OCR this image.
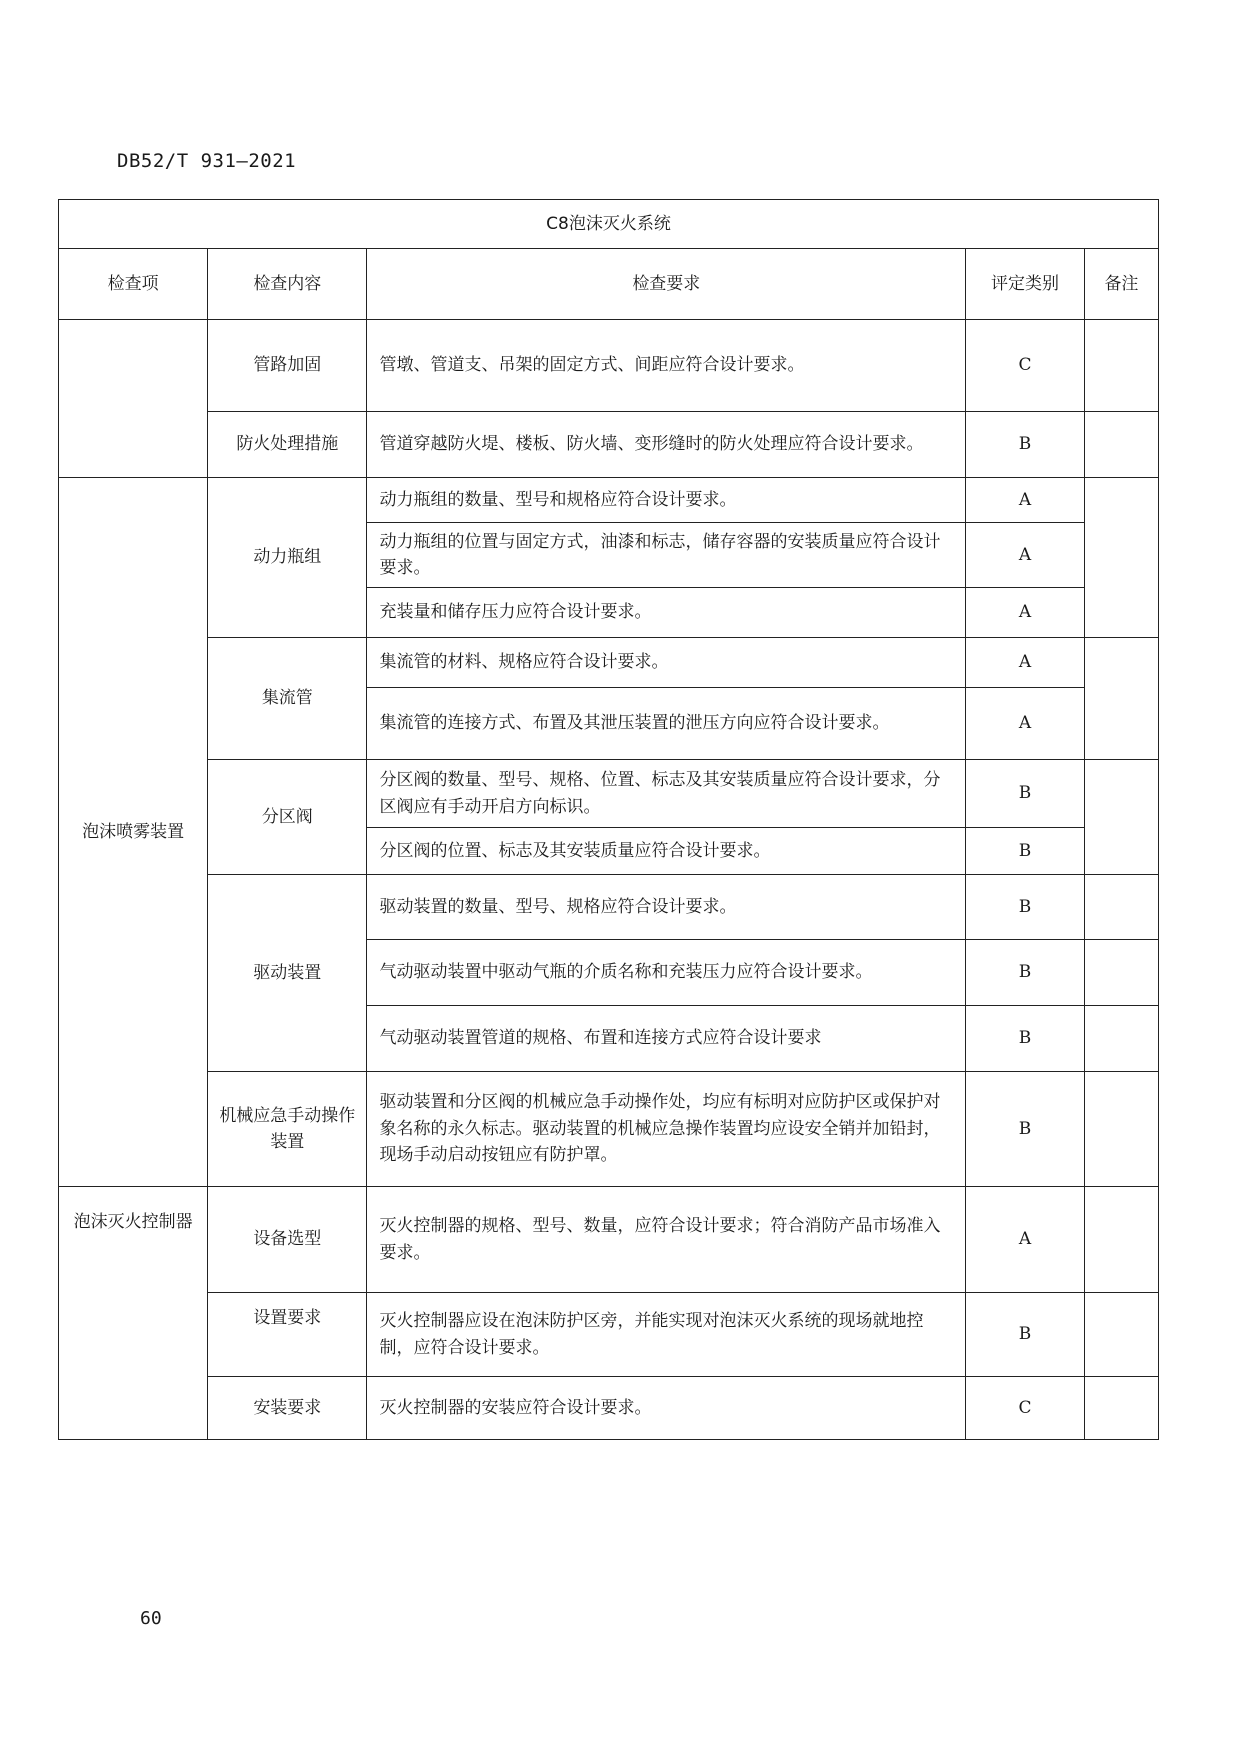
DB52/T 931—2021
C8泡沫灭火系统				
检查项	检查内容	检查要求	评定类别	备注
	管路加固	管墩、管道支、吊架的固定方式、间距应符合设计要求。	C	
	防火处理措施	管道穿越防火堤、楼板、防火墙、变形缝时的防火处理应符合设计要求。	B	
泡沫喷雾装置	动力瓶组	动力瓶组的数量、型号和规格应符合设计要求。	A	
		动力瓶组的位置与固定方式，油漆和标志，储存容器的安装质量应符合设计要求。	A	
		充装量和储存压力应符合设计要求。	A	
	集流管	集流管的材料、规格应符合设计要求。	A	
		集流管的连接方式、布置及其泄压装置的泄压方向应符合设计要求。	A	
	分区阀	分区阀的数量、型号、规格、位置、标志及其安装质量应符合设计要求，分区阀应有手动开启方向标识。	B	
		分区阀的位置、标志及其安装质量应符合设计要求。	B	
	驱动装置	驱动装置的数量、型号、规格应符合设计要求。	B	
		气动驱动装置中驱动气瓶的介质名称和充装压力应符合设计要求。	B	
		气动驱动装置管道的规格、布置和连接方式应符合设计要求	B	
	机械应急手动操作装置	驱动装置和分区阀的机械应急手动操作处，均应有标明对应防护区或保护对象名称的永久标志。驱动装置的机械应急操作装置均应设安全销并加铅封，现场手动启动按钮应有防护罩。	B	
泡沫灭火控制器	设备选型	灭火控制器的规格、型号、数量，应符合设计要求；符合消防产品市场准入要求。	A	
	设置要求	灭火控制器应设在泡沫防护区旁，并能实现对泡沫灭火系统的现场就地控制，应符合设计要求。	B	
	安装要求	灭火控制器的安装应符合设计要求。	C	
60
